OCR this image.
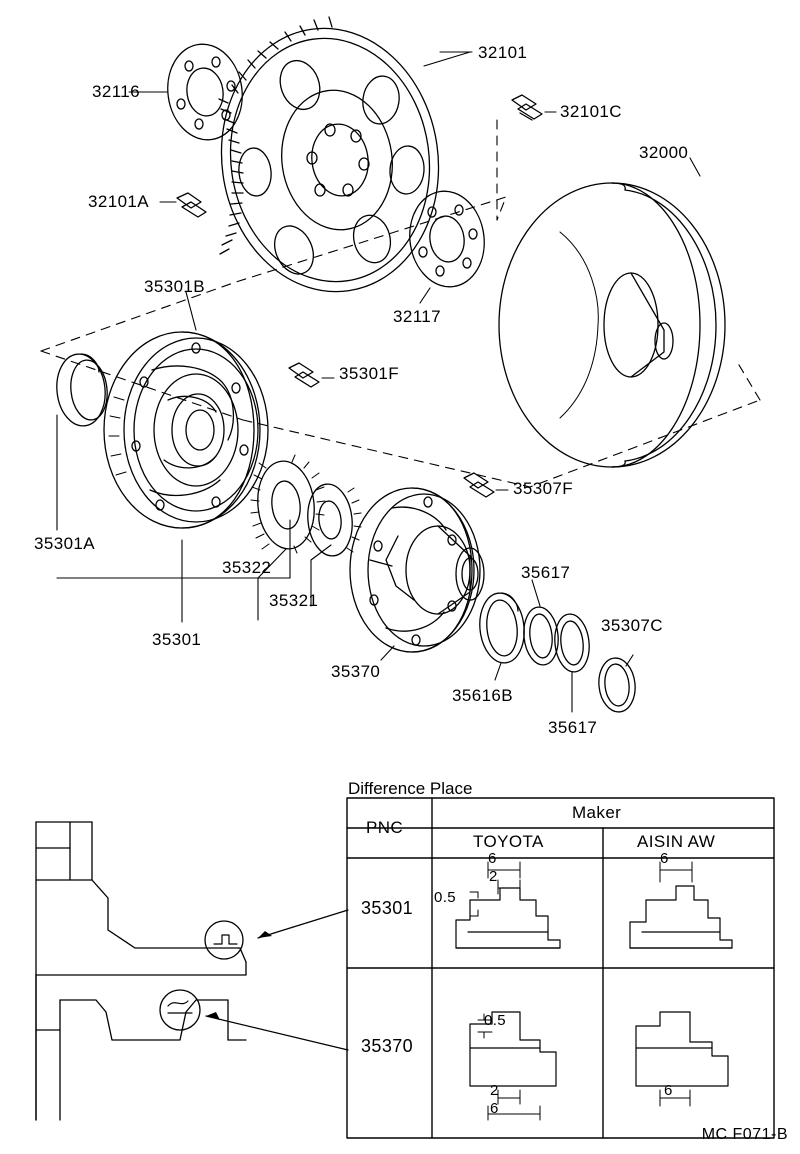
32116
32101
32101C
32000
32101A
32117
35301B
35301F
35301A
35322
35321
35301
35307F
35370
35616B
35617
35617
35307C
Difference Place
PNC
Maker
TOYOTA	AISIN AW
35301
35370
6
2
0.5
6
0.5
2
6
6
MC F071-B
